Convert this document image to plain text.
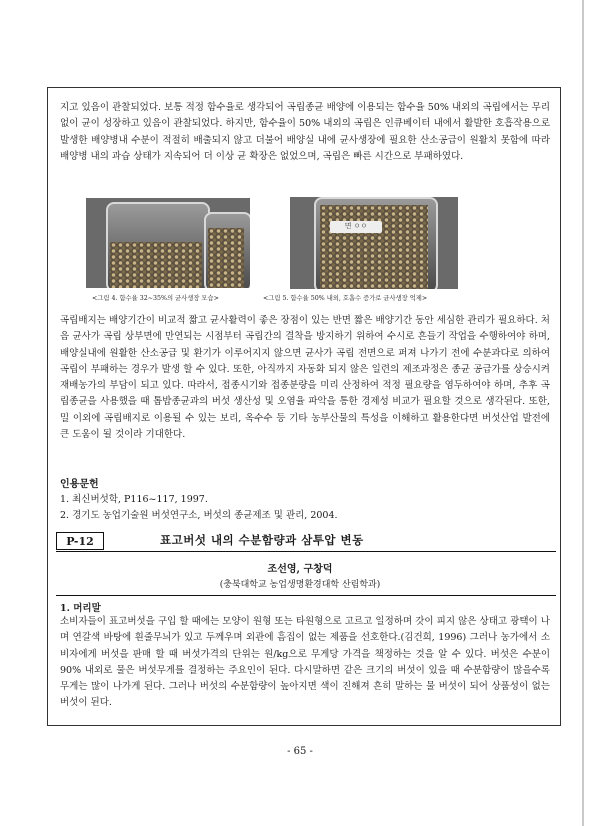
지고 있음이 관찰되었다. 보통 적정 함수율로 생각되어 곡립종균 배양에 이용되는 함수율 50% 내외의 곡립에서는 무리 없이 균이 성장하고 있음이 관찰되었다. 하지만, 함수율이 50% 내외의 곡립은 인큐베이터 내에서 활발한 호흡작용으로 발생한 배양병내 수분이 적절히 배출되지 않고 더불어 배양실 내에 균사생장에 필요한 산소공급이 원활치 못함에 따라 배양병 내의 과습 상태가 지속되어 더 이상 균 확장은 없었으며, 곡립은 빠른 시간으로 부패하였다.

<그림 4. 함수율 32~35%의 균사생장 모습>
면 ㅇㅇ
<그림 5. 함수율 50% 내외, 호흡수 증가로 균사생장 억제>

곡립배지는 배양기간이 비교적 짧고 균사활력이 좋은 장점이 있는 반면 짧은 배양기간 동안 세심한 관리가 필요하다. 처음 균사가 곡립 상부면에 만연되는 시점부터 곡립간의 결착을 방지하기 위하여 수시로 흔들기 작업을 수행하여야 하며, 배양실내에 원활한 산소공급 및 환기가 이루어지지 않으면 균사가 곡립 전면으로 퍼져 나가기 전에 수분과다로 의하여 곡립이 부패하는 경우가 발생 할 수 있다. 또한, 아직까지 자동화 되지 않은 일련의 제조과정은 종균 공급가를 상승시켜 재배농가의 부담이 되고 있다. 따라서, 접종시기와 접종분량을 미리 산정하여 적정 필요량을 염두하여야 하며, 추후 곡립종균을 사용했을 때 톱밥종균과의 버섯 생산성 및 오염율 파악을 통한 경제성 비교가 필요할 것으로 생각된다. 또한, 밀 이외에 곡립배지로 이용될 수 있는 보리, 옥수수 등 기타 농부산물의 특성을 이해하고 활용한다면 버섯산업 발전에 큰 도움이 될 것이라 기대한다.

인용문헌
1. 최신버섯학, P116~117, 1997.
2. 경기도 농업기술원 버섯연구소, 버섯의 종균제조 및 관리, 2004.
P-12	표고버섯 내의 수분함량과 삼투압 변동
조선영, 구창덕
(충북대학교 농업생명환경대학 산림학과)
1. 머리말

소비자들이 표고버섯을 구입 할 때에는 모양이 원형 또는 타원형으로 고르고 일정하며 갓이 피지 않은 상태고 광택이 나며 연갈색 바탕에 흰줄무늬가 있고 두께우며 외관에 흠집이 없는 제품을 선호한다.(김건희, 1996) 그러나 농가에서 소비자에게 버섯을 판매 할 때 버섯가격의 단위는 원/kg으로 무게당 가격을 책정하는 것을 알 수 있다. 버섯은 수분이 90% 내외로 물은 버섯무게를 결정하는 주요인이 된다. 다시말하면 같은 크기의 버섯이 있을 때 수분함량이 많을수록 무게는 많이 나가게 된다. 그러나 버섯의 수분함량이 높아지면 색이 진해져 흔히 말하는 물 버섯이 되어 상품성이 없는 버섯이 된다.

- 65 -
